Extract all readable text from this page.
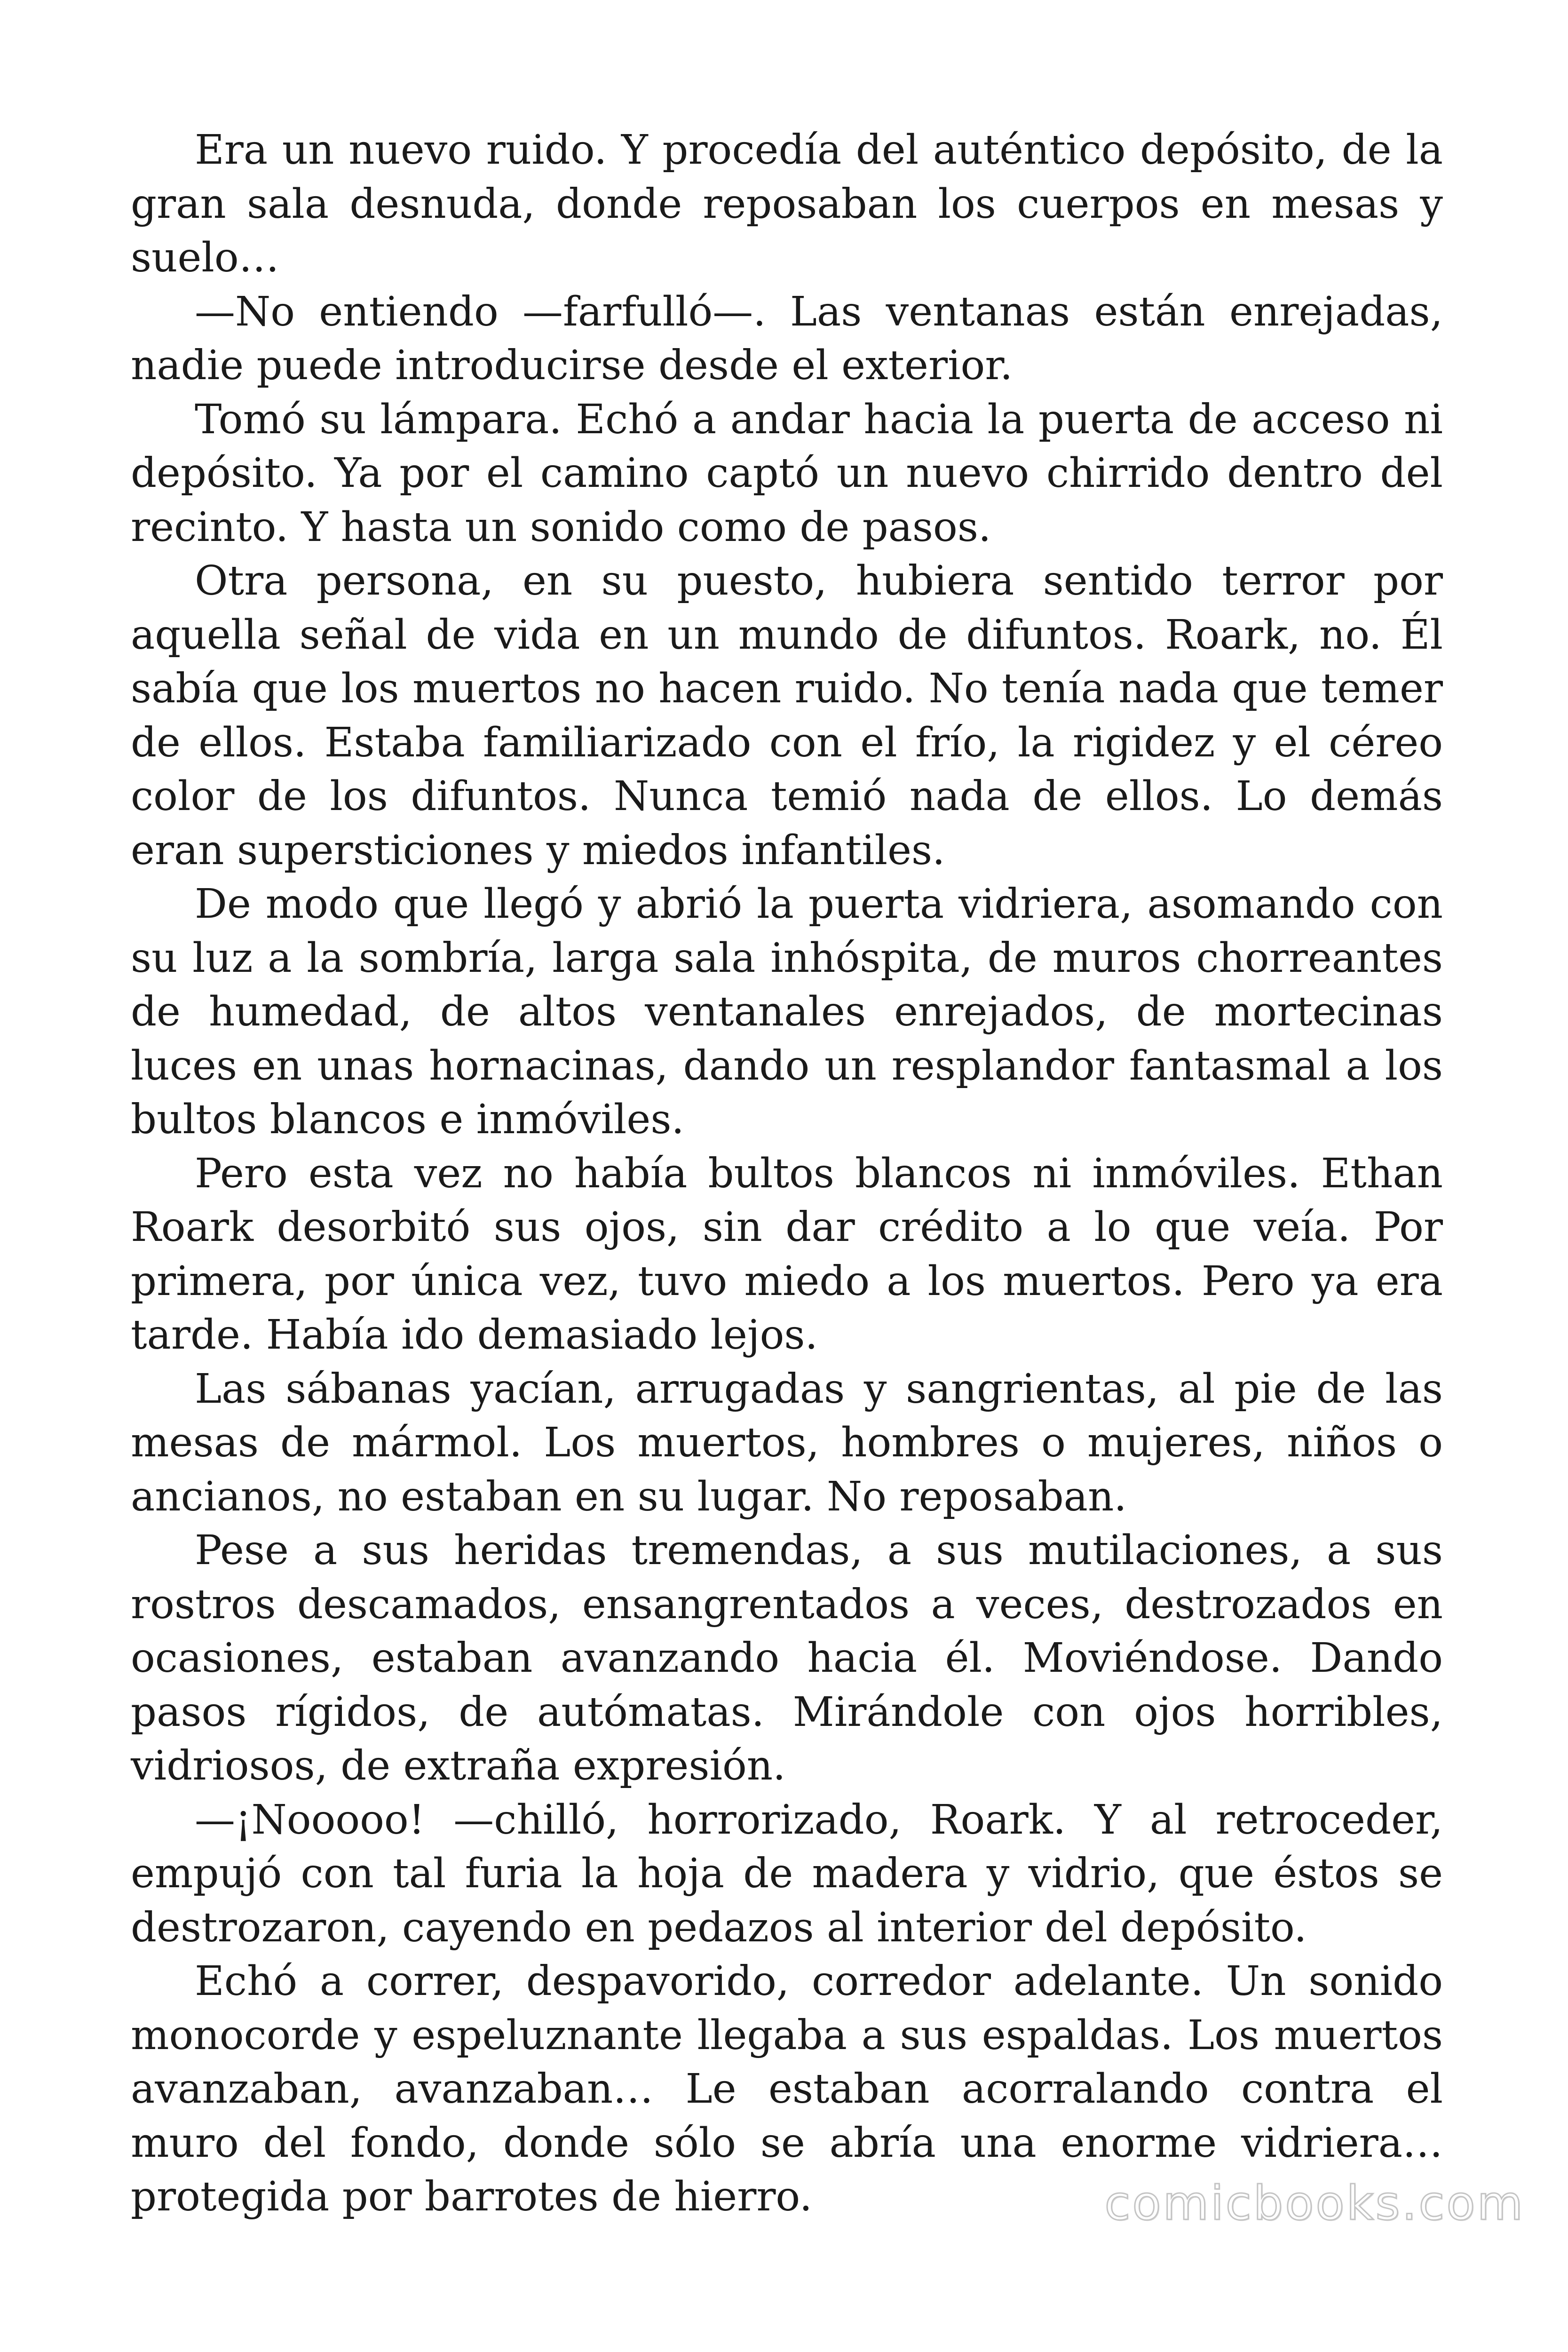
Era un nuevo ruido. Y procedía del auténtico depósito, de la gran sala desnuda, donde reposaban los cuerpos en mesas y suelo…

—No entiendo —farfulló—. Las ventanas están enrejadas, nadie puede introducirse desde el exterior.

Tomó su lámpara. Echó a andar hacia la puerta de acceso ni depósito. Ya por el camino captó un nuevo chirrido dentro del recinto. Y hasta un sonido como de pasos.

Otra persona, en su puesto, hubiera sentido terror por aquella señal de vida en un mundo de difuntos. Roark, no. Él sabía que los muertos no hacen ruido. No tenía nada que temer de ellos. Estaba familiarizado con el frío, la rigidez y el céreo color de los difuntos. Nunca temió nada de ellos. Lo demás eran supersticiones y miedos infantiles.

De modo que llegó y abrió la puerta vidriera, asomando con su luz a la sombría, larga sala inhóspita, de muros chorreantes de humedad, de altos ventanales enrejados, de mortecinas luces en unas hornacinas, dando un resplandor fantasmal a los bultos blancos e inmóviles.

Pero esta vez no había bultos blancos ni inmóviles. Ethan Roark desorbitó sus ojos, sin dar crédito a lo que veía. Por primera, por única vez, tuvo miedo a los muertos. Pero ya era tarde. Había ido demasiado lejos.

Las sábanas yacían, arrugadas y sangrientas, al pie de las mesas de mármol. Los muertos, hombres o mujeres, niños o ancianos, no estaban en su lugar. No reposaban.

Pese a sus heridas tremendas, a sus mutilaciones, a sus rostros descamados, ensangrentados a veces, destrozados en ocasiones, estaban avanzando hacia él. Moviéndose. Dando pasos rígidos, de autómatas. Mirándole con ojos horribles, vidriosos, de extraña expresión.

—¡Nooooo! —chilló, horrorizado, Roark. Y al retroceder, empujó con tal furia la hoja de madera y vidrio, que éstos se destrozaron, cayendo en pedazos al interior del depósito.

Echó a correr, despavorido, corredor adelante. Un sonido monocorde y espeluznante llegaba a sus espaldas. Los muertos avanzaban, avanzaban… Le estaban acorralando contra el muro del fondo, donde sólo se abría una enorme vidriera… protegida por barrotes de hierro.	comicbooks.com
